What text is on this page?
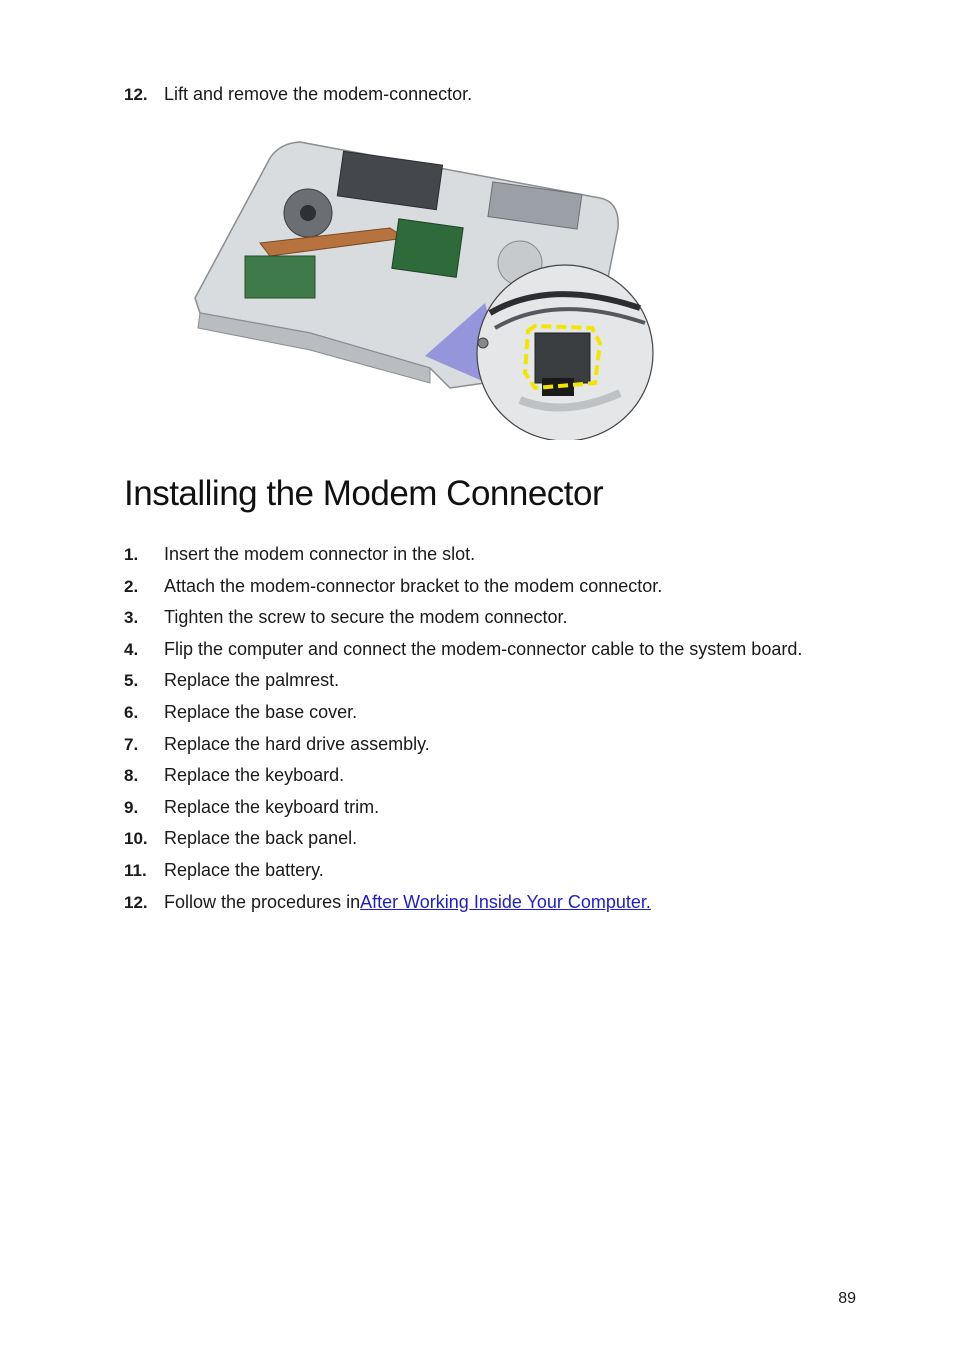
12. Lift and remove the modem-connector.
Installing the Modem Connector
1. Insert the modem connector in the slot.
2. Attach the modem-connector bracket to the modem connector.
3. Tighten the screw to secure the modem connector.
4. Flip the computer and connect the modem-connector cable to the system board.
5. Replace the palmrest.
6. Replace the base cover.
7. Replace the hard drive assembly.
8. Replace the keyboard.
9. Replace the keyboard trim.
10. Replace the back panel.
11. Replace the battery.
12. Follow the procedures inAfter Working Inside Your Computer.
89
